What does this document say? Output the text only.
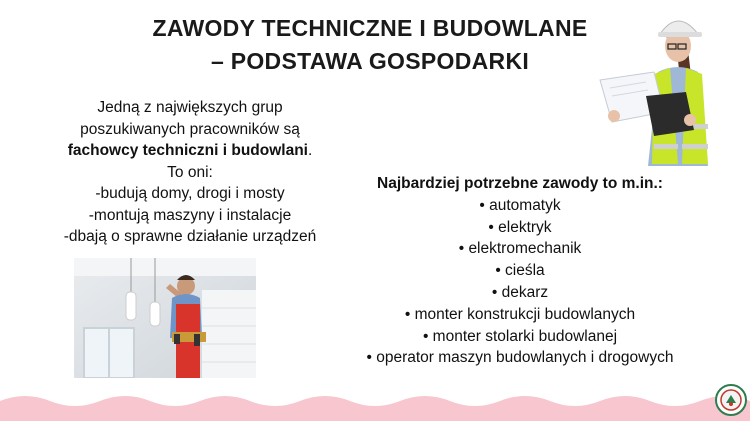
ZAWODY TECHNICZNE I BUDOWLANE
– PODSTAWA GOSPODARKI
Jedną z największych grup
poszukiwanych pracowników są
fachowcy techniczni i budowlani.
To oni:
-budują domy, drogi i mosty
-montują maszyny i instalacje
-dbają o sprawne działanie urządzeń
Najbardziej potrzebne zawody to m.in.:
• automatyk
• elektryk
• elektromechanik
• cieśla
• dekarz
• monter konstrukcji budowlanych
• monter stolarki budowlanej
• operator maszyn budowlanych i drogowych
